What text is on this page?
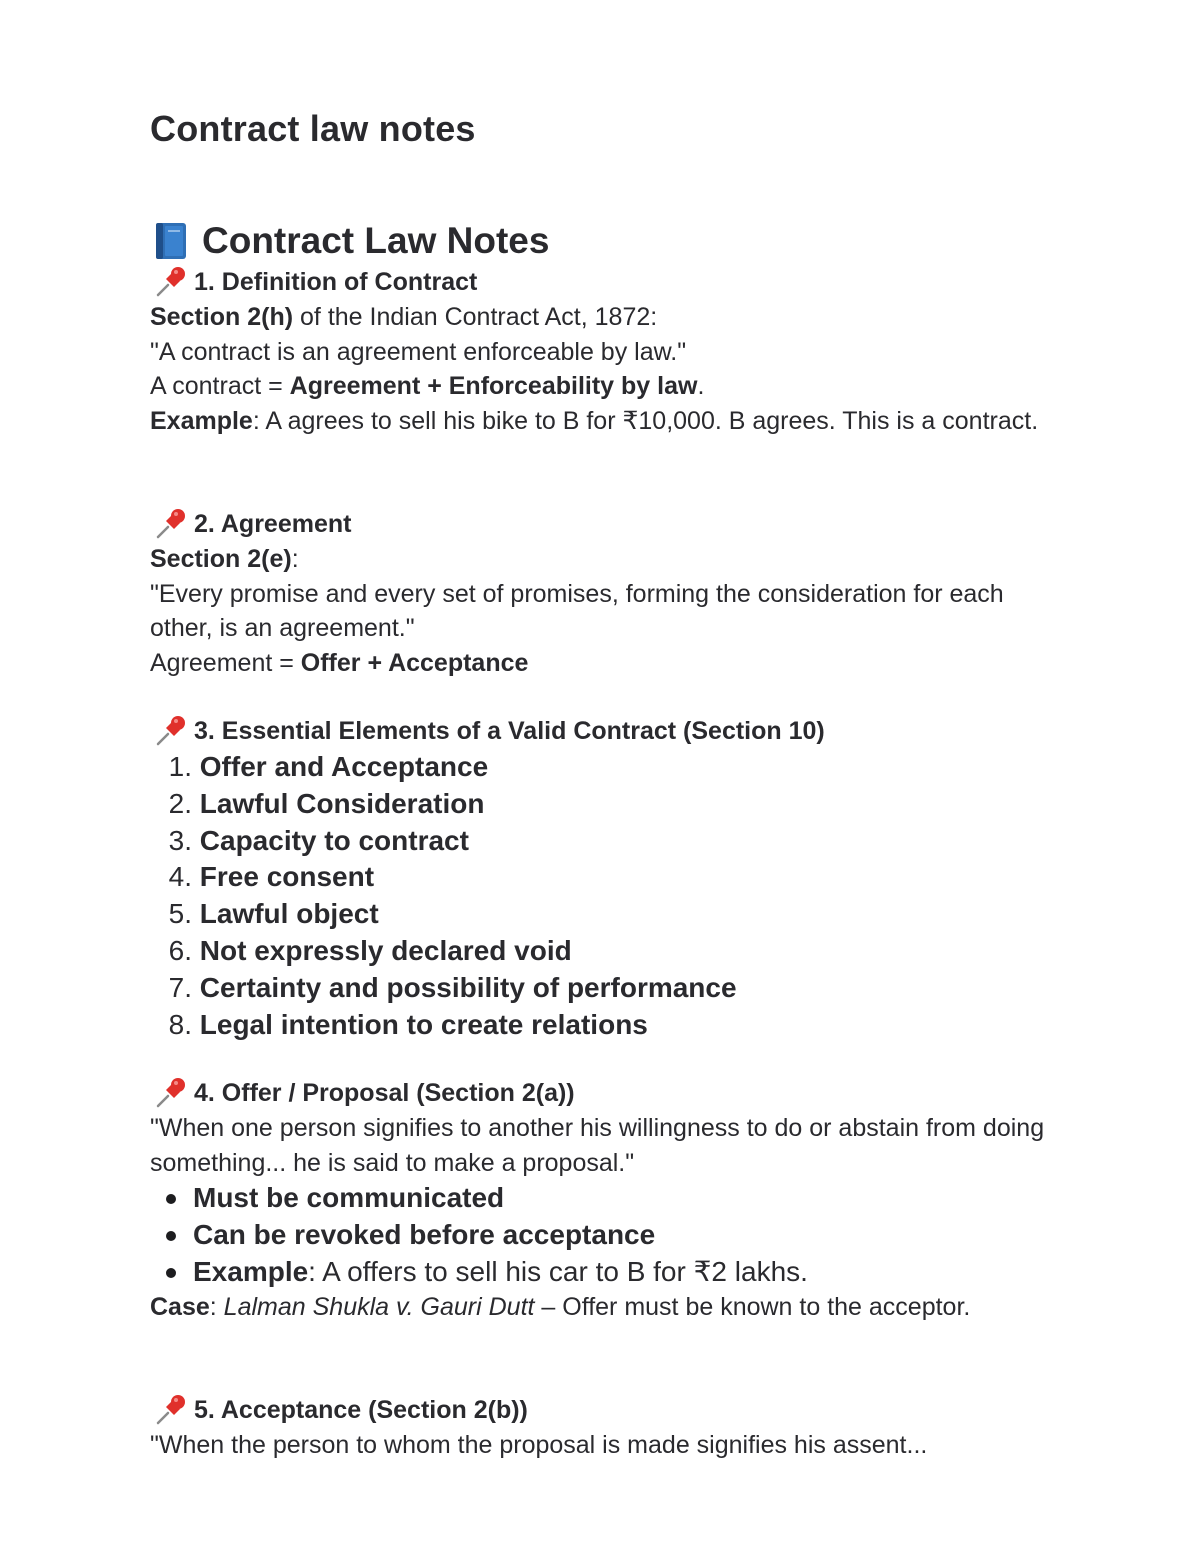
Contract law notes
Contract Law Notes
1. Definition of Contract

Section 2(h) of the Indian Contract Act, 1872:

"A contract is an agreement enforceable by law."

A contract = Agreement + Enforceability by law.

Example: A agrees to sell his bike to B for ₹10,000. B agrees. This is a contract.

2. Agreement

Section 2(e):

"Every promise and every set of promises, forming the consideration for each other, is an agreement."

Agreement = Offer + Acceptance

3. Essential Elements of a Valid Contract (Section 10)
1.
Offer and Acceptance
2.
Lawful Consideration
3.
Capacity to contract
4.
Free consent
5.
Lawful object
6.
Not expressly declared void
7.
Certainty and possibility of performance
8.
Legal intention to create relations
4. Offer / Proposal (Section 2(a))

"When one person signifies to another his willingness to do or abstain from doing something... he is said to make a proposal."

Must be communicated
Can be revoked before acceptance
Example: A offers to sell his car to B for ₹2 lakhs.

Case: Lalman Shukla v. Gauri Dutt – Offer must be known to the acceptor.

5. Acceptance (Section 2(b))

"When the person to whom the proposal is made signifies his assent...
